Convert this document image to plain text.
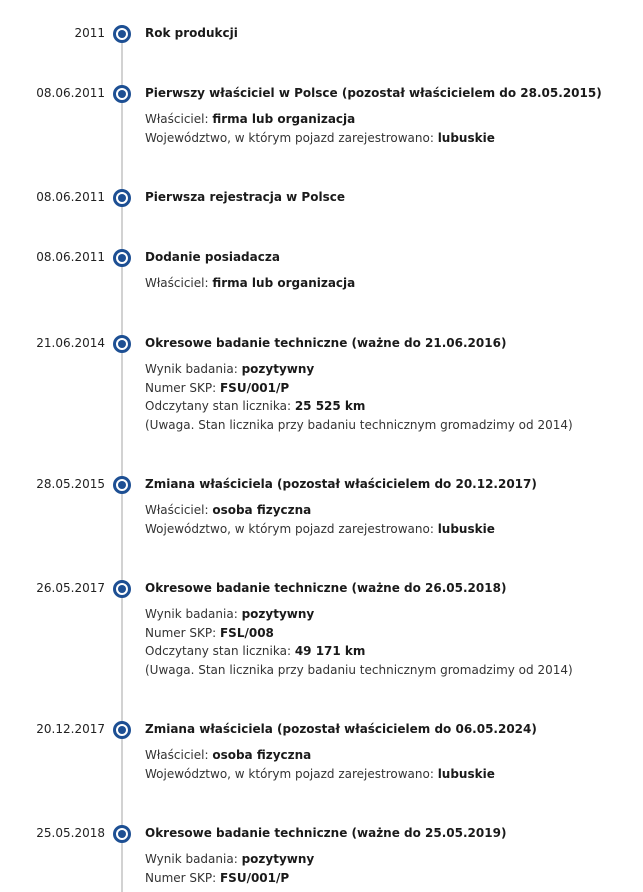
2011	Rok produkcji
08.06.2011	Pierwszy właściciel w Polsce (pozostał właścicielem do 28.05.2015)
Właściciel: firma lub organizacja
Województwo, w którym pojazd zarejestrowano: lubuskie
08.06.2011	Pierwsza rejestracja w Polsce
08.06.2011	Dodanie posiadacza
Właściciel: firma lub organizacja
21.06.2014	Okresowe badanie techniczne (ważne do 21.06.2016)
Wynik badania: pozytywny
Numer SKP: FSU/001/P
Odczytany stan licznika: 25 525 km
(Uwaga. Stan licznika przy badaniu technicznym gromadzimy od 2014)
28.05.2015	Zmiana właściciela (pozostał właścicielem do 20.12.2017)
Właściciel: osoba fizyczna
Województwo, w którym pojazd zarejestrowano: lubuskie
26.05.2017	Okresowe badanie techniczne (ważne do 26.05.2018)
Wynik badania: pozytywny
Numer SKP: FSL/008
Odczytany stan licznika: 49 171 km
(Uwaga. Stan licznika przy badaniu technicznym gromadzimy od 2014)
20.12.2017	Zmiana właściciela (pozostał właścicielem do 06.05.2024)
Właściciel: osoba fizyczna
Województwo, w którym pojazd zarejestrowano: lubuskie
25.05.2018	Okresowe badanie techniczne (ważne do 25.05.2019)
Wynik badania: pozytywny
Numer SKP: FSU/001/P
